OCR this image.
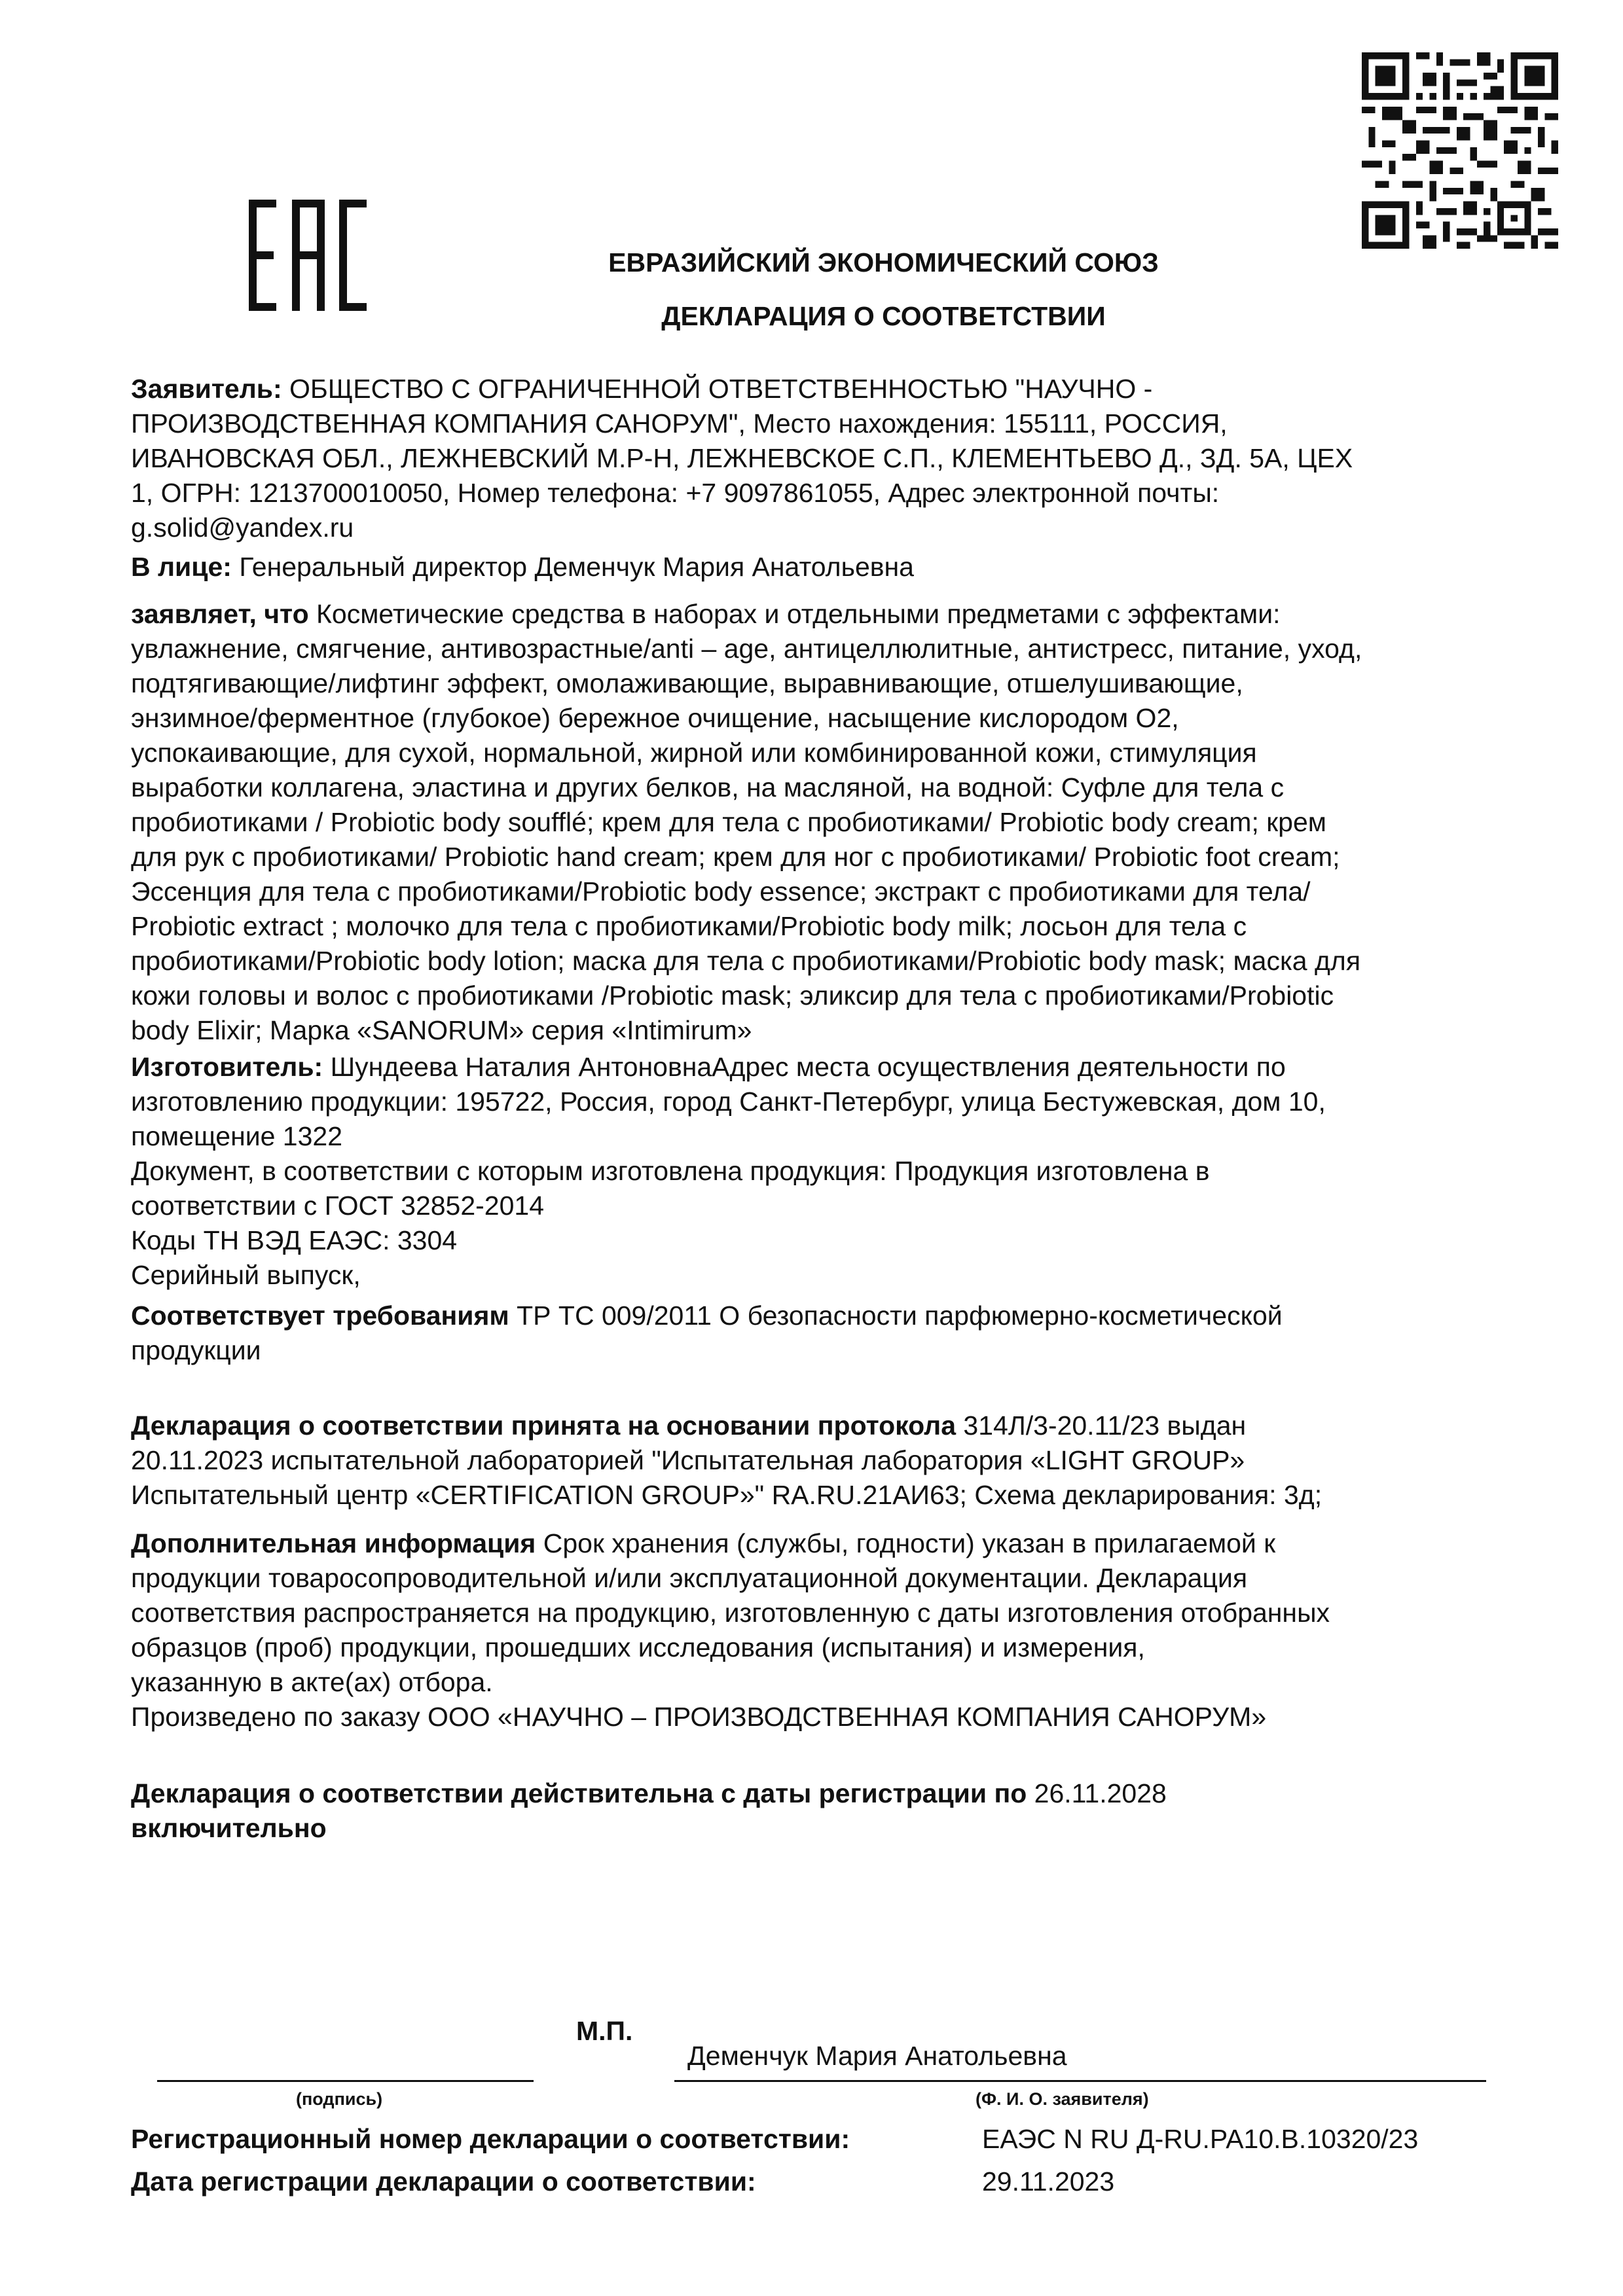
ЕВРАЗИЙСКИЙ ЭКОНОМИЧЕСКИЙ СОЮЗ
ДЕКЛАРАЦИЯ О СООТВЕТСТВИИ

Заявитель: ОБЩЕСТВО С ОГРАНИЧЕННОЙ ОТВЕТСТВЕННОСТЬЮ "НАУЧНО -
ПРОИЗВОДСТВЕННАЯ КОМПАНИЯ САНОРУМ", Место нахождения: 155111, РОССИЯ,
ИВАНОВСКАЯ ОБЛ., ЛЕЖНЕВСКИЙ М.Р-Н, ЛЕЖНЕВСКОЕ С.П., КЛЕМЕНТЬЕВО Д., ЗД. 5А, ЦЕХ
1, ОГРН: 1213700010050, Номер телефона: +7 9097861055, Адрес электронной почты:
g.solid@yandex.ru

В лице: Генеральный директор Деменчук Мария Анатольевна

заявляет, что Косметические средства в наборах и отдельными предметами с эффектами:
увлажнение, смягчение, антивозрастные/anti – age, антицеллюлитные, антистресс, питание, уход,
подтягивающие/лифтинг эффект, омолаживающие, выравнивающие, отшелушивающие,
энзимное/ферментное (глубокое) бережное очищение, насыщение кислородом О2,
успокаивающие, для сухой, нормальной, жирной или комбинированной кожи, стимуляция
выработки коллагена, эластина и других белков, на масляной, на водной: Суфле для тела с
пробиотиками / Probiotic body soufflé; крем для тела с пробиотиками/ Probiotic body cream; крем
для рук с пробиотиками/ Probiotic hand cream; крем для ног с пробиотиками/ Probiotic foot cream;
Эссенция для тела с пробиотиками/Probiotic body essence; экстракт с пробиотиками для тела/
Probiotic extract ; молочко для тела с пробиотиками/Probiotic body milk; лосьон для тела с
пробиотиками/Probiotic body lotion; маска для тела с пробиотиками/Probiotic body mask; маска для
кожи головы и волос с пробиотиками /Probiotic mask; эликсир для тела с пробиотиками/Probiotic
body Elixir; Марка «SANORUM» серия «Intimirum»

Изготовитель: Шундеева Наталия АнтоновнаАдрес места осуществления деятельности по
изготовлению продукции: 195722, Россия, город Санкт-Петербург, улица Бестужевская, дом 10,
помещение 1322
Документ, в соответствии с которым изготовлена продукция: Продукция изготовлена в
соответствии с ГОСТ 32852-2014
Коды ТН ВЭД ЕАЭС: 3304
Серийный выпуск,

Соответствует требованиям ТР ТС 009/2011 О безопасности парфюмерно-косметической
продукции

Декларация о соответствии принята на основании протокола 314Л/3-20.11/23 выдан
20.11.2023 испытательной лабораторией "Испытательная лаборатория «LIGHT GROUP»
Испытательный центр «CERTIFICATION GROUP»" RA.RU.21АИ63; Схема декларирования: 3д;

Дополнительная информация Срок хранения (службы, годности) указан в прилагаемой к
продукции товаросопроводительной и/или эксплуатационной документации. Декларация
соответствия распространяется на продукцию, изготовленную с даты изготовления отобранных
образцов (проб) продукции, прошедших исследования (испытания) и измерения,
указанную в акте(ах) отбора.
Произведено по заказу ООО «НАУЧНО – ПРОИЗВОДСТВЕННАЯ КОМПАНИЯ САНОРУМ»

Декларация о соответствии действительна с даты регистрации по 26.11.2028
включительно

М.П.
(подпись)
Деменчук Мария Анатольевна
(Ф. И. О. заявителя)
Регистрационный номер декларации о соответствии:	ЕАЭС N RU Д-RU.PA10.B.10320/23
Дата регистрации декларации о соответствии:	29.11.2023
